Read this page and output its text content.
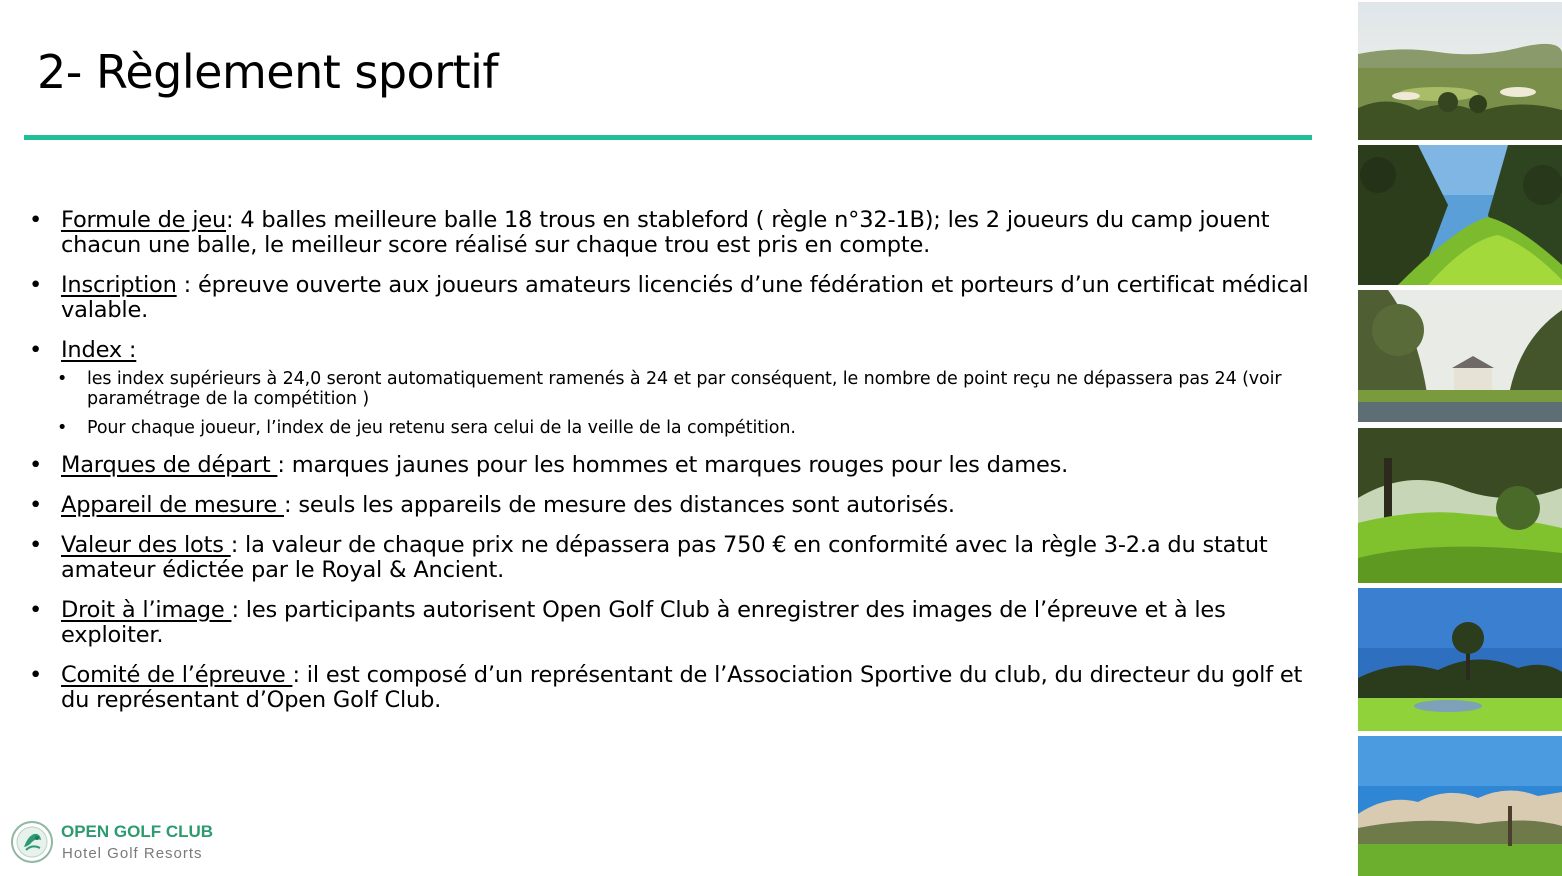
2- Règlement sportif
• Formule de jeu: 4 balles meilleure balle 18 trous en stableford ( règle n°32-1B); les 2 joueurs du camp jouent chacun une balle, le meilleur score réalisé sur chaque trou est pris en compte.
• Inscription : épreuve ouverte aux joueurs amateurs licenciés d’une fédération et porteurs d’un certificat médical valable.
• Index :
• les index supérieurs à 24,0 seront automatiquement ramenés à 24 et par conséquent, le nombre de point reçu ne dépassera pas 24 (voir paramétrage de la compétition )
• Pour chaque joueur, l’index de jeu retenu sera celui de la veille de la compétition.
• Marques de départ : marques jaunes pour les hommes et marques rouges pour les dames.
• Appareil de mesure : seuls les appareils de mesure des distances sont autorisés.
• Valeur des lots : la valeur de chaque prix ne dépassera pas 750 € en conformité avec la règle 3-2.a du statut amateur édictée par le Royal & Ancient.
• Droit à l’image : les participants autorisent Open Golf Club à enregistrer des images de l’épreuve et à les exploiter.
• Comité de l’épreuve : il est composé d’un représentant de l’Association Sportive du club, du directeur du golf et du représentant d’Open Golf Club.
OPEN GOLF CLUB
Hotel Golf Resorts
